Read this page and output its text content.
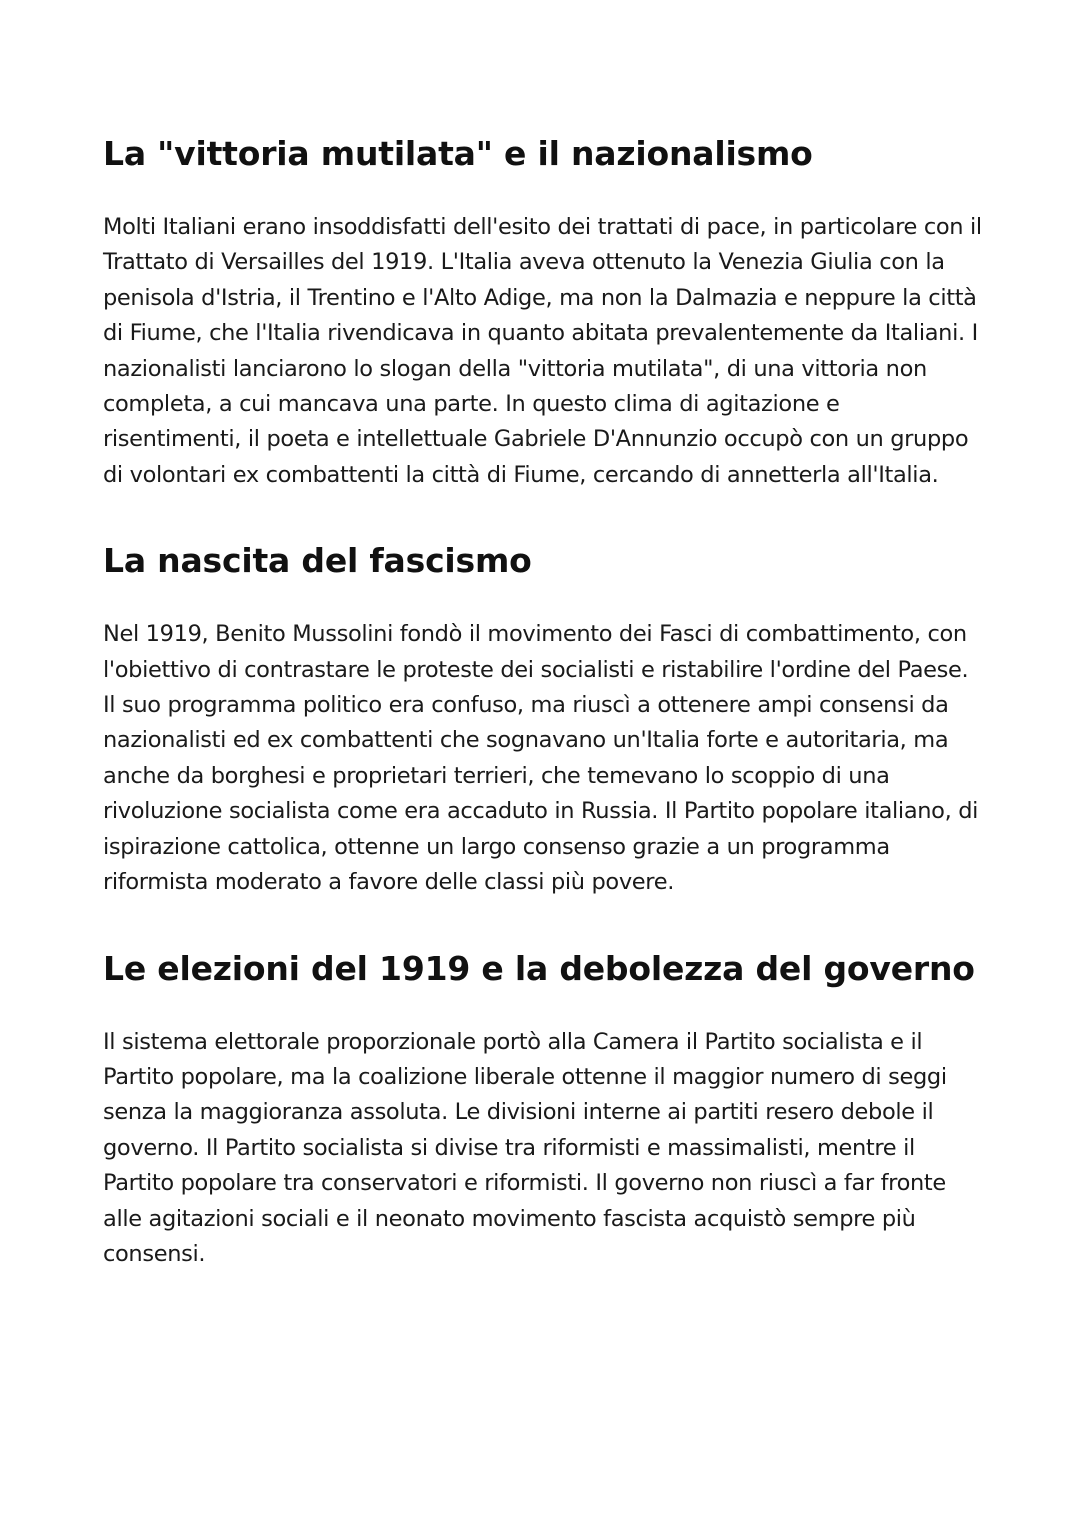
La "vittoria mutilata" e il nazionalismo

Molti Italiani erano insoddisfatti dell'esito dei trattati di pace, in particolare con il Trattato di Versailles del 1919. L'Italia aveva ottenuto la Venezia Giulia con la penisola d'Istria, il Trentino e l'Alto Adige, ma non la Dalmazia e neppure la città di Fiume, che l'Italia rivendicava in quanto abitata prevalentemente da Italiani. I nazionalisti lanciarono lo slogan della "vittoria mutilata", di una vittoria non completa, a cui mancava una parte. In questo clima di agitazione e risentimenti, il poeta e intellettuale Gabriele D'Annunzio occupò con un gruppo di volontari ex combattenti la città di Fiume, cercando di annetterla all'Italia.

La nascita del fascismo

Nel 1919, Benito Mussolini fondò il movimento dei Fasci di combattimento, con l'obiettivo di contrastare le proteste dei socialisti e ristabilire l'ordine del Paese. Il suo programma politico era confuso, ma riuscì a ottenere ampi consensi da nazionalisti ed ex combattenti che sognavano un'Italia forte e autoritaria, ma anche da borghesi e proprietari terrieri, che temevano lo scoppio di una rivoluzione socialista come era accaduto in Russia. Il Partito popolare italiano, di ispirazione cattolica, ottenne un largo consenso grazie a un programma riformista moderato a favore delle classi più povere.

Le elezioni del 1919 e la debolezza del governo

Il sistema elettorale proporzionale portò alla Camera il Partito socialista e il Partito popolare, ma la coalizione liberale ottenne il maggior numero di seggi senza la maggioranza assoluta. Le divisioni interne ai partiti resero debole il governo. Il Partito socialista si divise tra riformisti e massimalisti, mentre il Partito popolare tra conservatori e riformisti. Il governo non riuscì a far fronte alle agitazioni sociali e il neonato movimento fascista acquistò sempre più consensi.
